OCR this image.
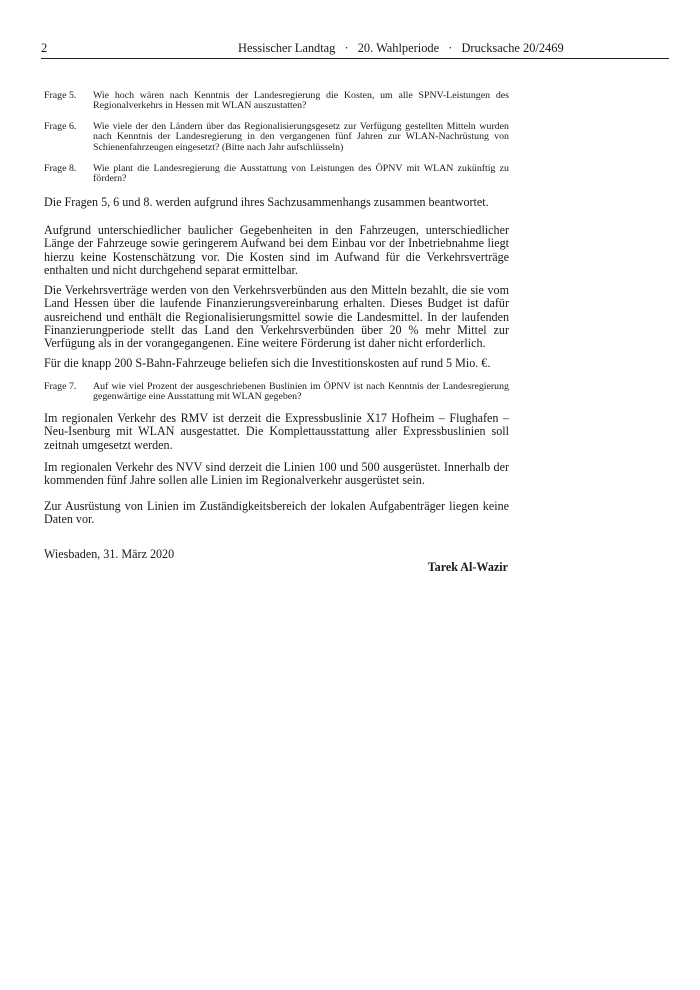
2	Hessischer Landtag · 20. Wahlperiode · Drucksache 20/2469
Frage 5.	Wie hoch wären nach Kenntnis der Landesregierung die Kosten, um alle SPNV-Leistungen des Regionalverkehrs in Hessen mit WLAN auszustatten?
Frage 6.	Wie viele der den Ländern über das Regionalisierungsgesetz zur Verfügung gestellten Mitteln wurden nach Kenntnis der Landesregierung in den vergangenen fünf Jahren zur WLAN-Nachrüstung von Schienenfahrzeugen eingesetzt? (Bitte nach Jahr aufschlüsseln)
Frage 8.	Wie plant die Landesregierung die Ausstattung von Leistungen des ÖPNV mit WLAN zukünftig zu fördern?
Die Fragen 5, 6 und 8. werden aufgrund ihres Sachzusammenhangs zusammen beantwortet.
Aufgrund unterschiedlicher baulicher Gegebenheiten in den Fahrzeugen, unterschiedlicher Länge der Fahrzeuge sowie geringerem Aufwand bei dem Einbau vor der Inbetriebnahme liegt hierzu keine Kostenschätzung vor. Die Kosten sind im Aufwand für die Verkehrsverträge enthalten und nicht durchgehend separat ermittelbar.
Die Verkehrsverträge werden von den Verkehrsverbünden aus den Mitteln bezahlt, die sie vom Land Hessen über die laufende Finanzierungsvereinbarung erhalten. Dieses Budget ist dafür ausreichend und enthält die Regionalisierungsmittel sowie die Landesmittel. In der laufenden Finanzierungperiode stellt das Land den Verkehrsverbünden über 20 % mehr Mittel zur Verfügung als in der vorangegangenen. Eine weitere Förderung ist daher nicht erforderlich.
Für die knapp 200 S-Bahn-Fahrzeuge beliefen sich die Investitionskosten auf rund 5 Mio. €.
Frage 7.	Auf wie viel Prozent der ausgeschriebenen Buslinien im ÖPNV ist nach Kenntnis der Landesregierung gegenwärtige eine Ausstattung mit WLAN gegeben?
Im regionalen Verkehr des RMV ist derzeit die Expressbuslinie X17 Hofheim – Flughafen – Neu-Isenburg mit WLAN ausgestattet. Die Komplettausstattung aller Expressbuslinien soll zeitnah umgesetzt werden.
Im regionalen Verkehr des NVV sind derzeit die Linien 100 und 500 ausgerüstet. Innerhalb der kommenden fünf Jahre sollen alle Linien im Regionalverkehr ausgerüstet sein.
Zur Ausrüstung von Linien im Zuständigkeitsbereich der lokalen Aufgabenträger liegen keine Daten vor.
Wiesbaden, 31. März 2020
Tarek Al-Wazir
